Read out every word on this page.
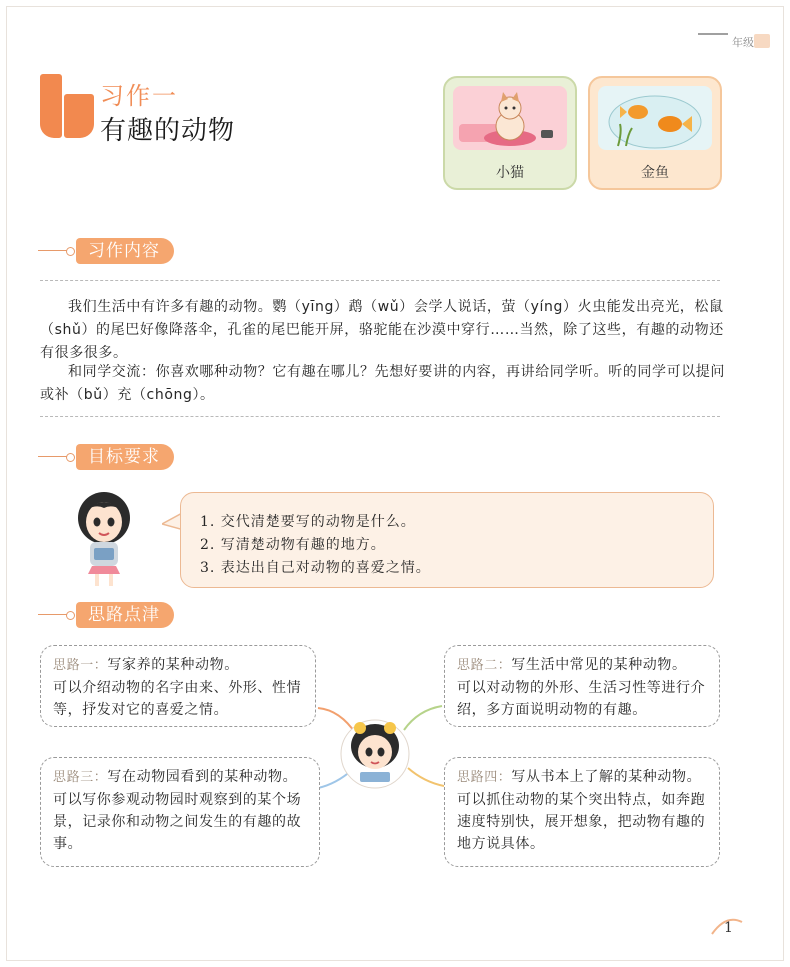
年级
习作一
有趣的动物
小猫	金鱼
习作内容
我们生活中有许多有趣的动物。鹦（yīng）鹉（wǔ）会学人说话，萤（yíng）火虫能发出亮光，松鼠（shǔ）的尾巴好像降落伞，孔雀的尾巴能开屏，骆驼能在沙漠中穿行……当然，除了这些，有趣的动物还有很多很多。
和同学交流：你喜欢哪种动物？它有趣在哪儿？先想好要讲的内容，再讲给同学听。听的同学可以提问或补（bǔ）充（chōng）。
目标要求
1. 交代清楚要写的动物是什么。
2. 写清楚动物有趣的地方。
3. 表达出自己对动物的喜爱之情。
思路点津
思路一：写家养的某种动物。
可以介绍动物的名字由来、外形、性情等，抒发对它的喜爱之情。
思路二：写生活中常见的某种动物。
可以对动物的外形、生活习性等进行介绍，多方面说明动物的有趣。
思路三：写在动物园看到的某种动物。
可以写你参观动物园时观察到的某个场景，记录你和动物之间发生的有趣的故事。
思路四：写从书本上了解的某种动物。
可以抓住动物的某个突出特点，如奔跑速度特别快，展开想象，把动物有趣的地方说具体。
1
